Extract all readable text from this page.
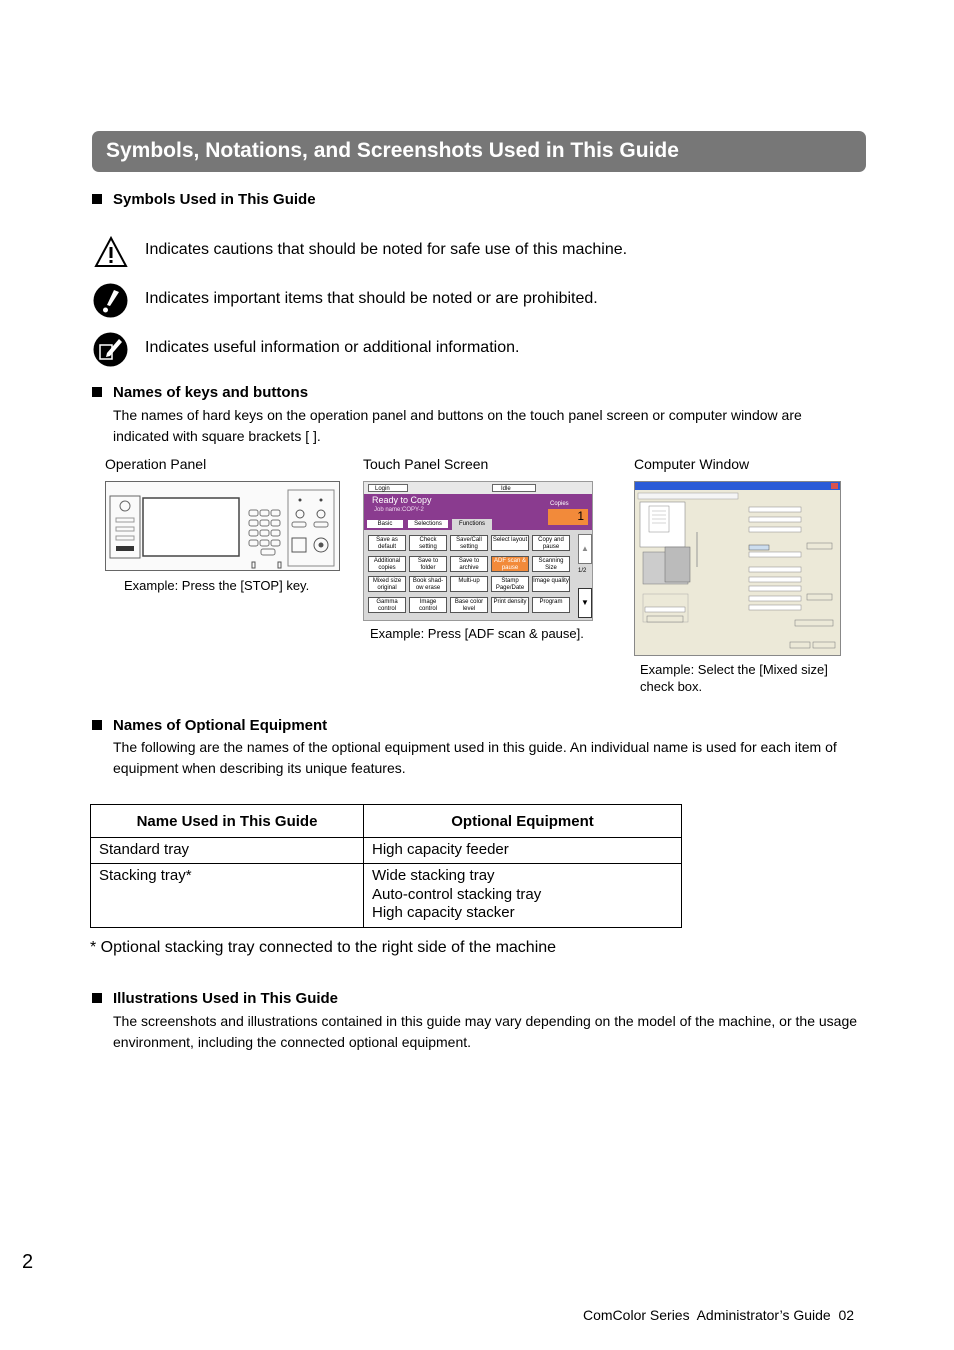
Symbols, Notations, and Screenshots Used in This Guide
Symbols Used in This Guide
Indicates cautions that should be noted for safe use of this machine.
Indicates important items that should be noted or are prohibited.
Indicates useful information or additional information.
Names of keys and buttons
The names of hard keys on the operation panel and buttons on the touch panel screen or computer window are indicated with square brackets [ ].
Operation Panel	Touch Panel Screen	Computer Window
Example: Press the [STOP] key.
Login	Idle
Ready to Copy
Job name:COPY-2
Copies
1
Basic	Selections	Functions
Save as default
Check setting
Save/Call setting
Select layout	Copy and pause
Additional copies
Save to folder
Save to archive
ADF scan & pause
Scanning Size
Mixed size original
Book shad-ow erase
Multi-up	Stamp Page/Date
Image quality
Gamma control
Image control
Base color level
Print density	Program
▲
1/2
▼
Example: Press [ADF scan & pause].
Example: Select the [Mixed size]
check box.
Names of Optional Equipment
The following are the names of the optional equipment used in this guide. An individual name is used for each item of equipment when describing its unique features.
Name Used in This Guide	Optional Equipment
Standard tray	High capacity feeder
Stacking tray*	Wide stacking tray
Auto-control stacking tray
High capacity stacker
* Optional stacking tray connected to the right side of the machine
Illustrations Used in This Guide
The screenshots and illustrations contained in this guide may vary depending on the model of the machine, or the usage environment, including the connected optional equipment.
2
ComColor Series  Administrator’s Guide  02
